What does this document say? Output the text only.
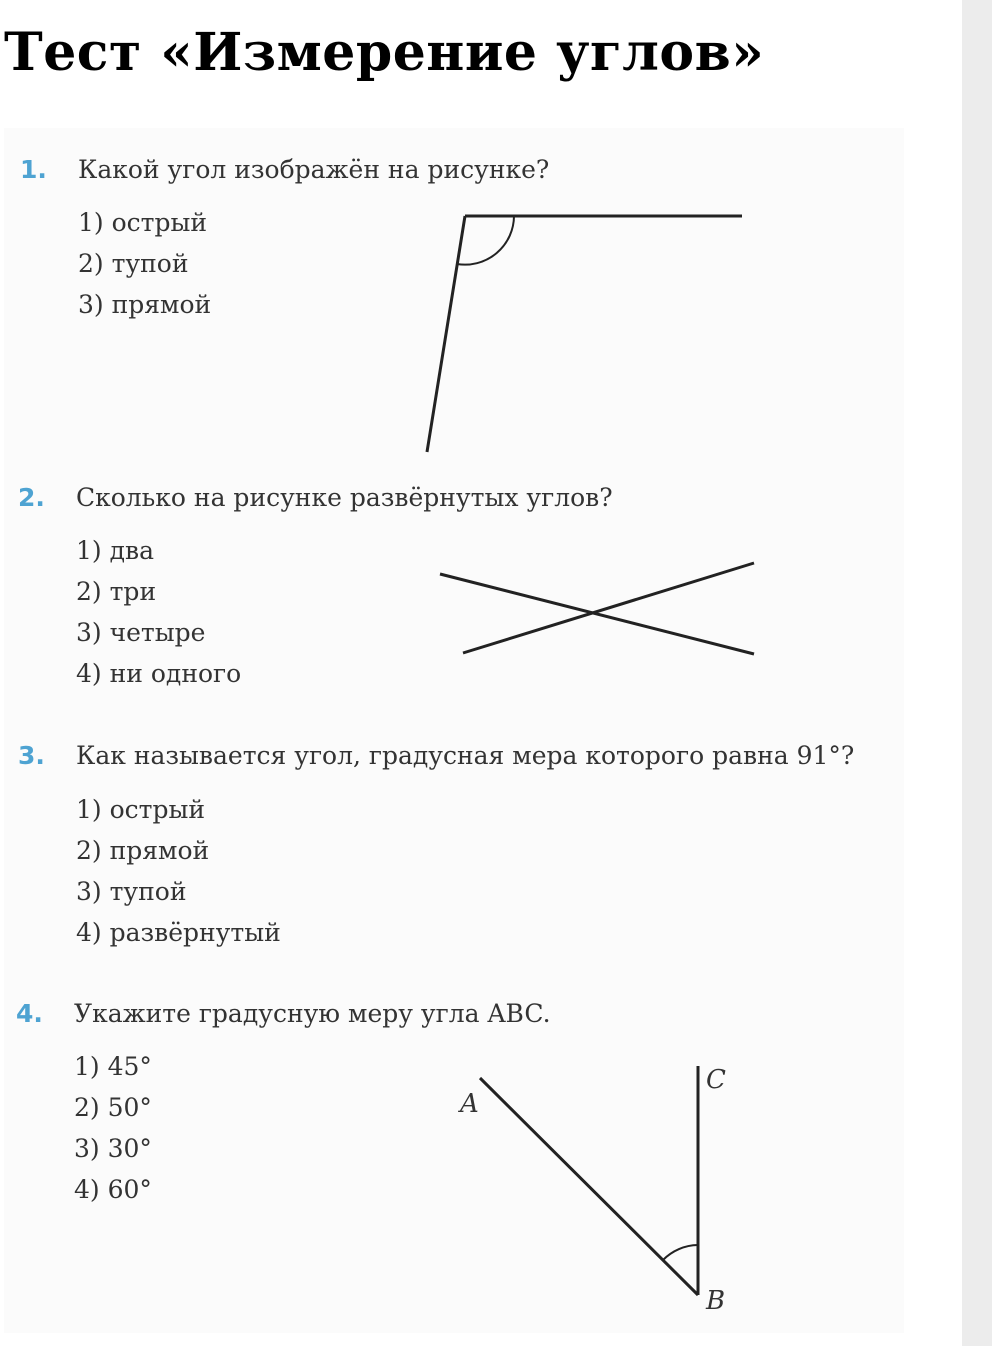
Тест «Измерение углов»
1. Какой угол изображён на рисунке?
1) острый
2) тупой
3) прямой
2. Сколько на рисунке развёрнутых углов?
1) два
2) три
3) четыре
4) ни одного
3. Как называется угол, градусная мера которого равна 91°?
1) острый
2) прямой
3) тупой
4) развёрнутый
4. Укажите градусную меру угла ABC.
1) 45°
2) 50°
3) 30°
4) 60°
A
C
B
